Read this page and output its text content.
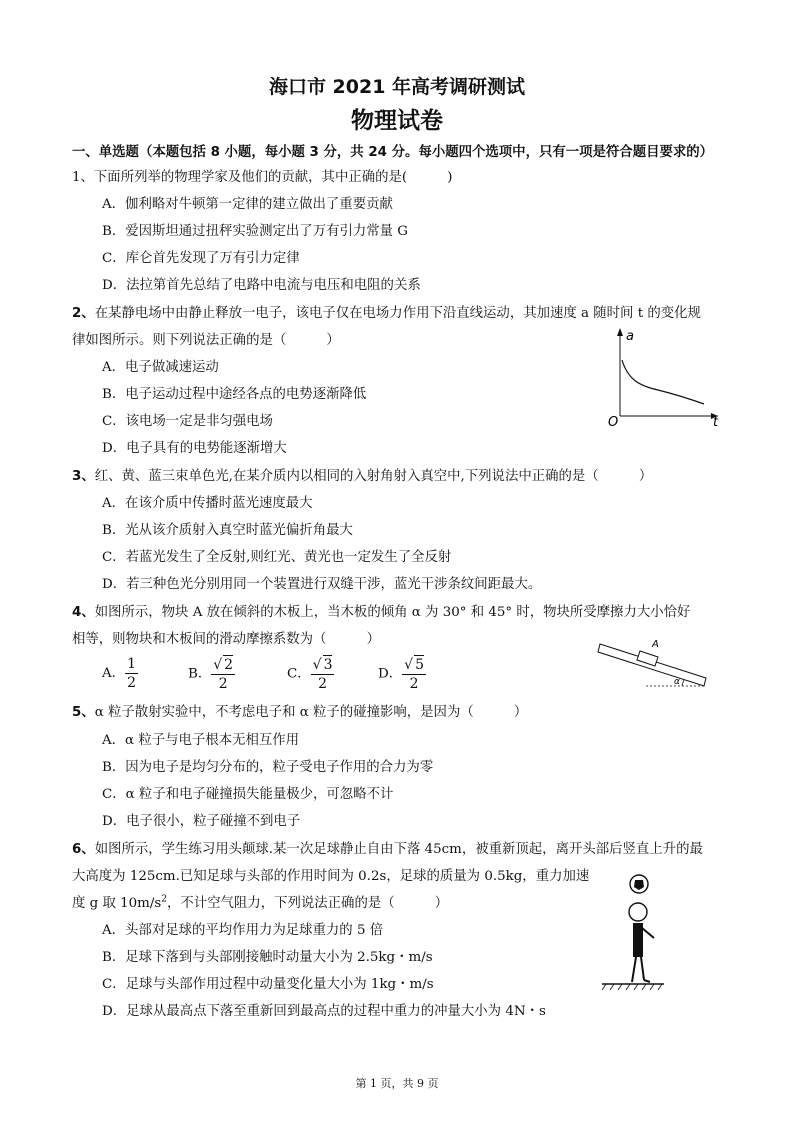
海口市 2021 年高考调研测试
物理试卷
一、单选题（本题包括 8 小题，每小题 3 分，共 24 分。每小题四个选项中，只有一项是符合题目要求的）
1、下面所列举的物理学家及他们的贡献，其中正确的是(　　　)
A．伽利略对牛顿第一定律的建立做出了重要贡献
B．爱因斯坦通过扭秤实验测定出了万有引力常量 G
C．库仑首先发现了万有引力定律
D．法拉第首先总结了电路中电流与电压和电阻的关系
2、在某静电场中由静止释放一电子，该电子仅在电场力作用下沿直线运动，其加速度 a 随时间 t 的变化规
律如图所示。则下列说法正确的是（　　　）
A．电子做减速运动
B．电子运动过程中途经各点的电势逐渐降低
C．该电场一定是非匀强电场
D．电子具有的电势能逐渐增大
a
t
O
3、红、黄、蓝三束单色光,在某介质内以相同的入射角射入真空中,下列说法中正确的是（　　　）
A．在该介质中传播时蓝光速度最大
B．光从该介质射入真空时蓝光偏折角最大
C．若蓝光发生了全反射,则红光、黄光也一定发生了全反射
D．若三种色光分别用同一个装置进行双缝干涉，蓝光干涉条纹间距最大。
4、如图所示，物块 A 放在倾斜的木板上，当木板的倾角 α 为 30° 和 45° 时，物块所受摩擦力大小恰好
相等，则物块和木板间的滑动摩擦系数为（　　　）
A． $\frac{1}{2}$	B． $\frac{√ 2}{2}$	C． $\frac{√ 3}{2}$	D． $\frac{√ 5}{2}$
A
α
5、α 粒子散射实验中，不考虑电子和 α 粒子的碰撞影响，是因为（　　　）
A．α 粒子与电子根本无相互作用
B．因为电子是均匀分布的，粒子受电子作用的合力为零
C．α 粒子和电子碰撞损失能量极少，可忽略不计
D．电子很小，粒子碰撞不到电子
6、如图所示，学生练习用头颠球.某一次足球静止自由下落 45cm，被重新顶起，离开头部后竖直上升的最
大高度为 125cm.已知足球与头部的作用时间为 0.2s，足球的质量为 0.5kg，重力加速
度 g 取 $10m/s^2$，不计空气阻力，下列说法正确的是（　　　）
A．头部对足球的平均作用力为足球重力的 5 倍
B．足球下落到与头部刚接触时动量大小为 2.5kg・m/s
C．足球与头部作用过程中动量变化量大小为 1kg・m/s
D．足球从最高点下落至重新回到最高点的过程中重力的冲量大小为 4N・s
第 1 页，共 9 页
